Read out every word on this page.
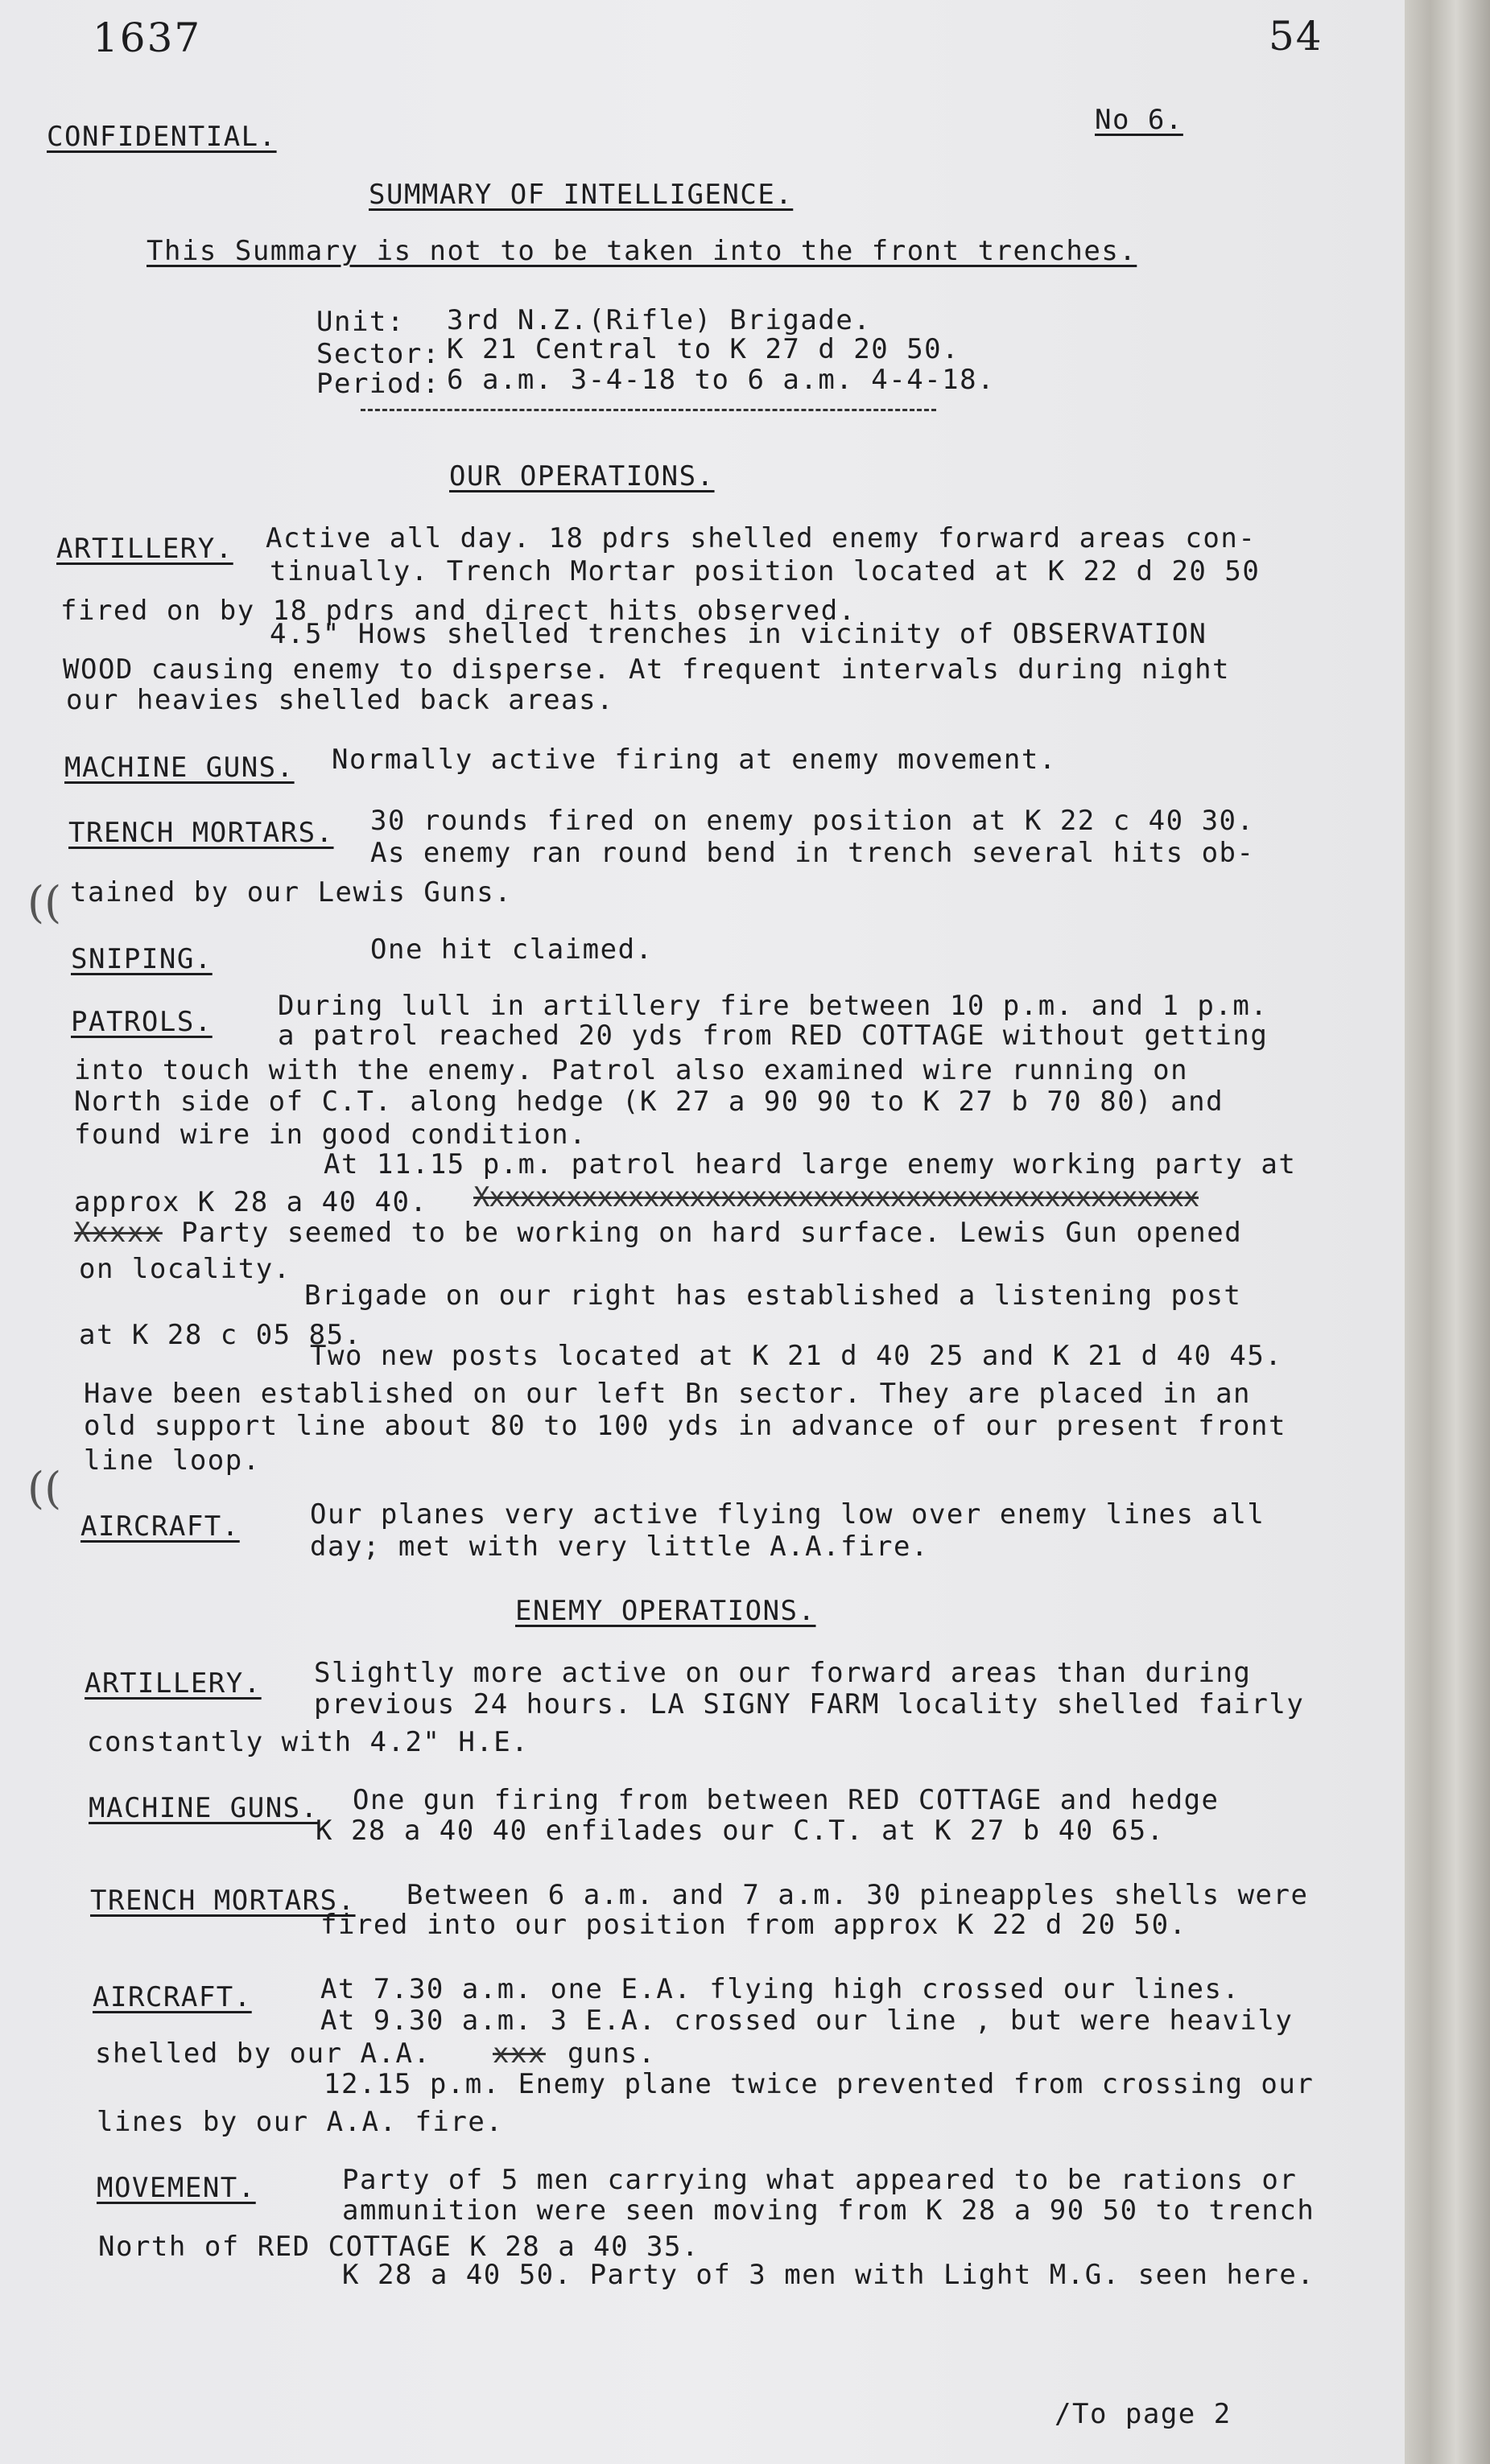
1637	54
CONFIDENTIAL.
No 6.
SUMMARY OF INTELLIGENCE.
This Summary is not to be taken into the front trenches.
Unit: 3rd N.Z.(Rifle) Brigade.
Sector: K 21 Central to K 27 d 20 50.
Period: 6 a.m. 3-4-18 to 6 a.m. 4-4-18.
OUR OPERATIONS.
ARTILLERY. Active all day. 18 pdrs shelled enemy forward areas con-
tinually. Trench Mortar position located at K 22 d 20 50
fired on by 18 pdrs and direct hits observed.
4.5" Hows shelled trenches in vicinity of OBSERVATION
WOOD causing enemy to disperse. At frequent intervals during night
our heavies shelled back areas.
MACHINE GUNS. Normally active firing at enemy movement.
TRENCH MORTARS. 30 rounds fired on enemy position at K 22 c 40 30.
As enemy ran round bend in trench several hits ob-
tained by our Lewis Guns.
SNIPING.	One hit claimed.
PATROLS. During lull in artillery fire between 10 p.m. and 1 p.m.
a patrol reached 20 yds from RED COTTAGE without getting
into touch with the enemy. Patrol also examined wire running on
North side of C.T. along hedge (K 27 a 90 90 to K 27 b 70 80) and
found wire in good condition.
At 11.15 p.m. patrol heard large enemy working party at
approx K 28 a 40 40. Xxxxxxxxxxxxxxxxxxxxxxxxxxxxxxxxxxxxxxxxxxxxxxx
Xxxxx Party seemed to be working on hard surface. Lewis Gun opened
on locality.
Brigade on our right has established a listening post
at K 28 c 05 85.
Two new posts located at K 21 d 40 25 and K 21 d 40 45.
Have been established on our left Bn sector. They are placed in an
old support line about 80 to 100 yds in advance of our present front
line loop.
AIRCRAFT.	Our planes very active flying low over enemy lines all
day; met with very little A.A.fire.
ENEMY OPERATIONS.
ARTILLERY. Slightly more active on our forward areas than during
previous 24 hours. LA SIGNY FARM locality shelled fairly
constantly with 4.2" H.E.
MACHINE GUNS. One gun firing from between RED COTTAGE and hedge
K 28 a 40 40 enfilades our C.T. at K 27 b 40 65.
TRENCH MORTARS. Between 6 a.m. and 7 a.m. 30 pineapples shells were
fired into our position from approx K 22 d 20 50.
AIRCRAFT.	At 7.30 a.m. one E.A. flying high crossed our lines.
At 9.30 a.m. 3 E.A. crossed our line , but were heavily
shelled by our A.A. xxx guns.
12.15 p.m. Enemy plane twice prevented from crossing our
lines by our A.A. fire.
MOVEMENT.	Party of 5 men carrying what appeared to be rations or
ammunition were seen moving from K 28 a 90 50 to trench
North of RED COTTAGE K 28 a 40 35.
K 28 a 40 50. Party of 3 men with Light M.G. seen here.
/To page 2
((
((
